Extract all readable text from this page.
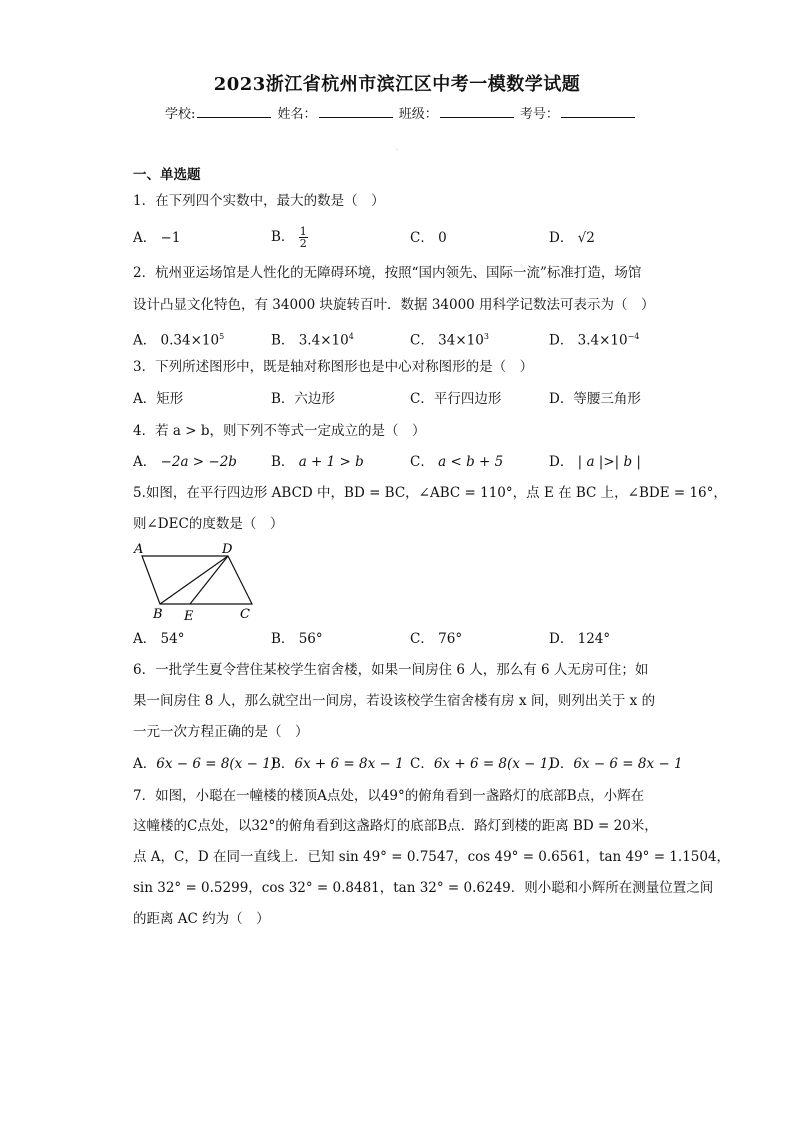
2023浙江省杭州市滨江区中考一模数学试题
学校:	姓名：	班级：	考号：
·
一、单选题
1．在下列四个实数中，最大的数是（　）
A． −1	B． $\frac{1}{2}$	C． 0	D． √2
2．杭州亚运场馆是人性化的无障碍环境，按照“国内领先、国际一流”标准打造，场馆
设计凸显文化特色，有 34000 块旋转百叶．数据 34000 用科学记数法可表示为（　）
A． $0.34\times 10^5$	B． $3.4\times 10^4$	C． $34\times 10^3$	D． $3.4\times 10^{-4}$
3．下列所述图形中，既是轴对称图形也是中心对称图形的是（　）
A．矩形	B．六边形	C．平行四边形	D．等腰三角形
4．若 a > b，则下列不等式一定成立的是（　）
A． −2a > −2b	B． a + 1 > b	C． a < b + 5	D． | a |>| b |
5.如图，在平行四边形 ABCD 中，BD = BC，∠ABC = 110°，点 E 在 BC 上，∠BDE = 16°，
则∠DEC的度数是（　）
A	D
B E	C
A． 54°	B． 56°	C． 76°	D． 124°
6．一批学生夏令营住某校学生宿舍楼，如果一间房住 6 人，那么有 6 人无房可住；如
果一间房住 8 人，那么就空出一间房，若设该校学生宿舍楼有房 x 间，则列出关于 x 的
一元一次方程正确的是（　）
A．6x − 6 = 8(x − 1)
B．6x + 6 = 8x − 1 C．6x + 6 = 8(x − 1)
D．6x − 6 = 8x − 1
7．如图，小聪在一幢楼的楼顶A点处，以49°的俯角看到一盏路灯的底部B点，小辉在
这幢楼的C点处，以32°的俯角看到这盏路灯的底部B点．路灯到楼的距离 BD = 20米，
点 A，C，D 在同一直线上．已知 sin 49° = 0.7547，cos 49° = 0.6561，tan 49° = 1.1504，
sin 32° = 0.5299，cos 32° = 0.8481，tan 32° = 0.6249．则小聪和小辉所在测量位置之间
的距离 AC 约为（　）
